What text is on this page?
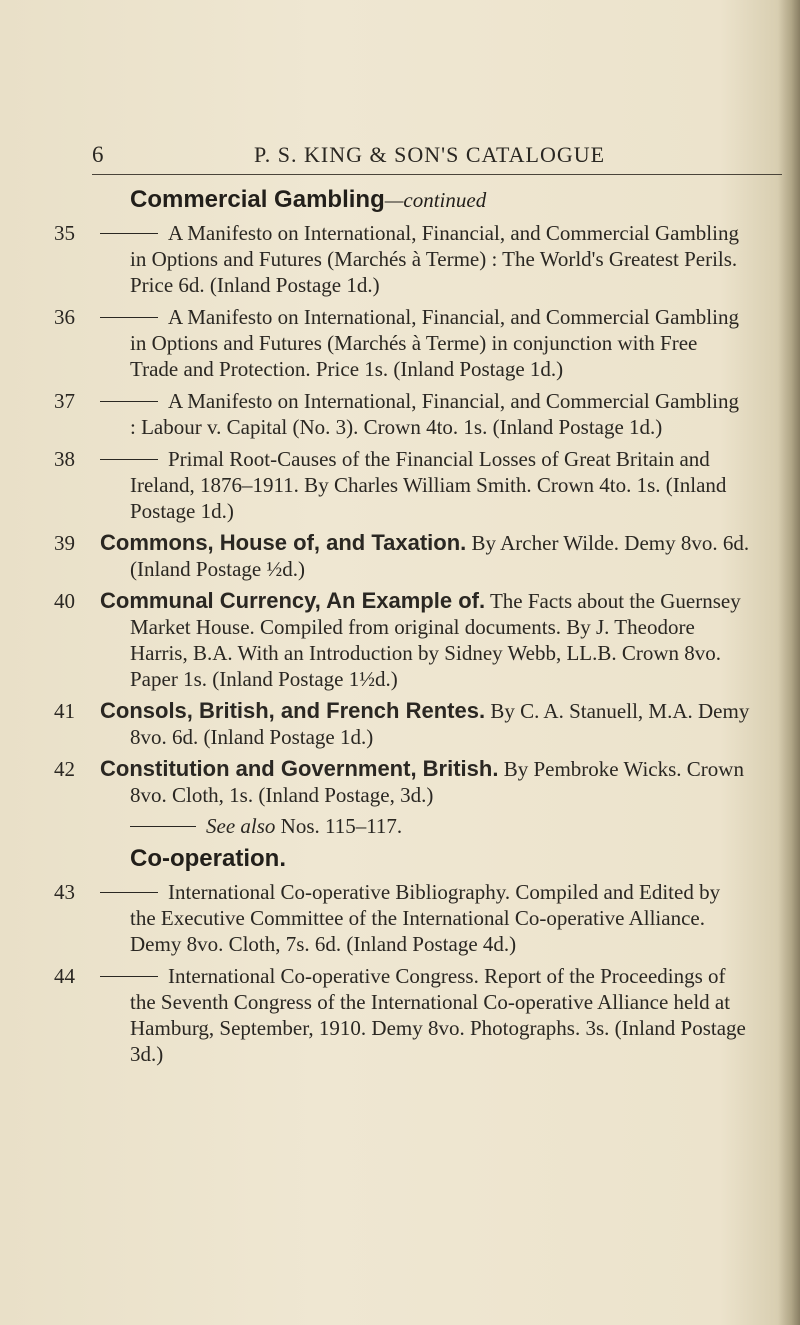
6	P. S. KING & SON'S CATALOGUE
Commercial Gambling—continued
35	A Manifesto on International, Financial, and Commercial Gambling in Options and Futures (Marchés à Terme) : The World's Greatest Perils. Price 6d. (Inland Postage 1d.)
36	A Manifesto on International, Financial, and Commercial Gambling in Options and Futures (Marchés à Terme) in conjunction with Free Trade and Protection. Price 1s. (Inland Postage 1d.)
37	A Manifesto on International, Financial, and Commercial Gambling : Labour v. Capital (No. 3). Crown 4to. 1s. (Inland Postage 1d.)
38	Primal Root-Causes of the Financial Losses of Great Britain and Ireland, 1876–1911. By Charles William Smith. Crown 4to. 1s. (Inland Postage 1d.)
39	Commons, House of, and Taxation. By Archer Wilde. Demy 8vo. 6d. (Inland Postage ½d.)
40	Communal Currency, An Example of. The Facts about the Guernsey Market House. Compiled from original documents. By J. Theodore Harris, B.A. With an Introduction by Sidney Webb, LL.B. Crown 8vo. Paper 1s. (Inland Postage 1½d.)
41	Consols, British, and French Rentes. By C. A. Stanuell, M.A. Demy 8vo. 6d. (Inland Postage 1d.)
42	Constitution and Government, British. By Pembroke Wicks. Crown 8vo. Cloth, 1s. (Inland Postage, 3d.)
See also Nos. 115–117.
Co-operation.
43	International Co-operative Bibliography. Compiled and Edited by the Executive Committee of the International Co-operative Alliance. Demy 8vo. Cloth, 7s. 6d. (Inland Postage 4d.)
44	International Co-operative Congress. Report of the Proceedings of the Seventh Congress of the International Co-operative Alliance held at Hamburg, September, 1910. Demy 8vo. Photographs. 3s. (Inland Postage 3d.)
